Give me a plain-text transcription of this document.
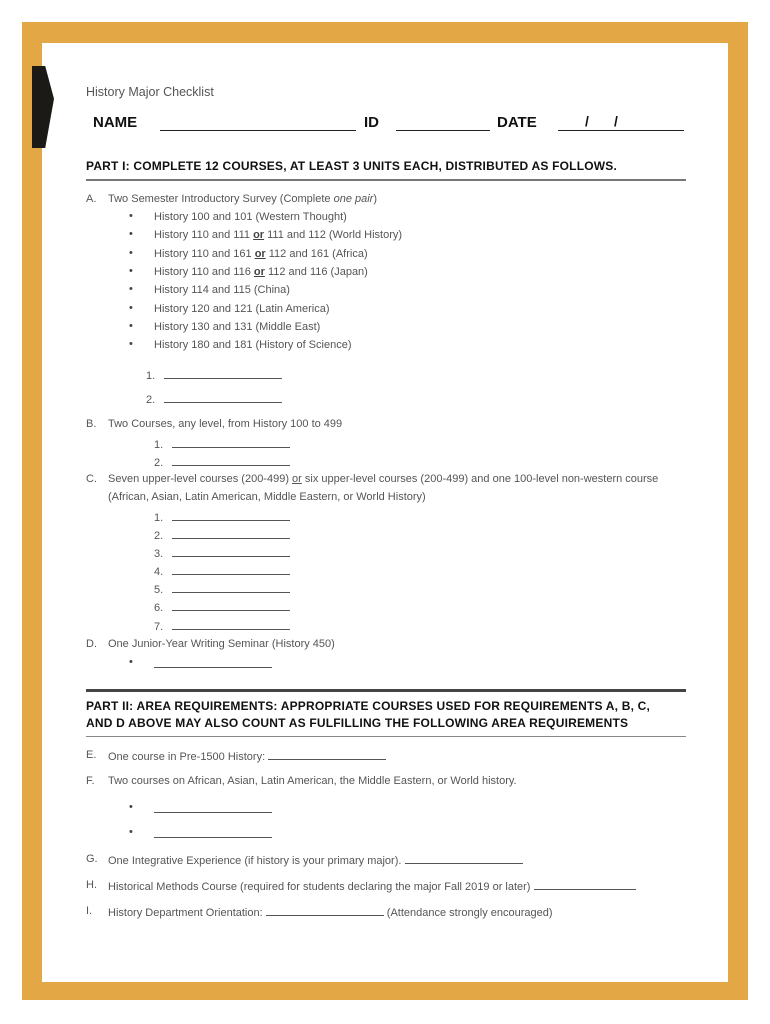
History Major Checklist
NAME	ID	DATE	/ /
PART I: COMPLETE 12 COURSES, AT LEAST 3 UNITS EACH, DISTRIBUTED AS FOLLOWS.
A. Two Semester Introductory Survey (Complete one pair)
• History 100 and 101 (Western Thought)
• History 110 and 111 or 111 and 112 (World History)
• History 110 and 161 or 112 and 161 (Africa)
• History 110 and 116 or 112 and 116 (Japan)
• History 114 and 115 (China)
• History 120 and 121 (Latin America)
• History 130 and 131 (Middle East)
• History 180 and 181 (History of Science)
1.
2.
B. Two Courses, any level, from History 100 to 499
1.
2.
C. Seven upper-level courses (200-499) or six upper-level courses (200-499) and one 100-level non-western course
(African, Asian, Latin American, Middle Eastern, or World History)
1.
2.
3.
4.
5.
6.
7.
D. One Junior-Year Writing Seminar (History 450)
•
PART II: AREA REQUIREMENTS: APPROPRIATE COURSES USED FOR REQUIREMENTS A, B, C,
AND D ABOVE MAY ALSO COUNT AS FULFILLING THE FOLLOWING AREA REQUIREMENTS
E. One course in Pre-1500 History:
F. Two courses on African, Asian, Latin American, the Middle Eastern, or World history.
•
•
G. One Integrative Experience (if history is your primary major).
H. Historical Methods Course (required for students declaring the major Fall 2019 or later)
I. History Department Orientation:	(Attendance strongly encouraged)
